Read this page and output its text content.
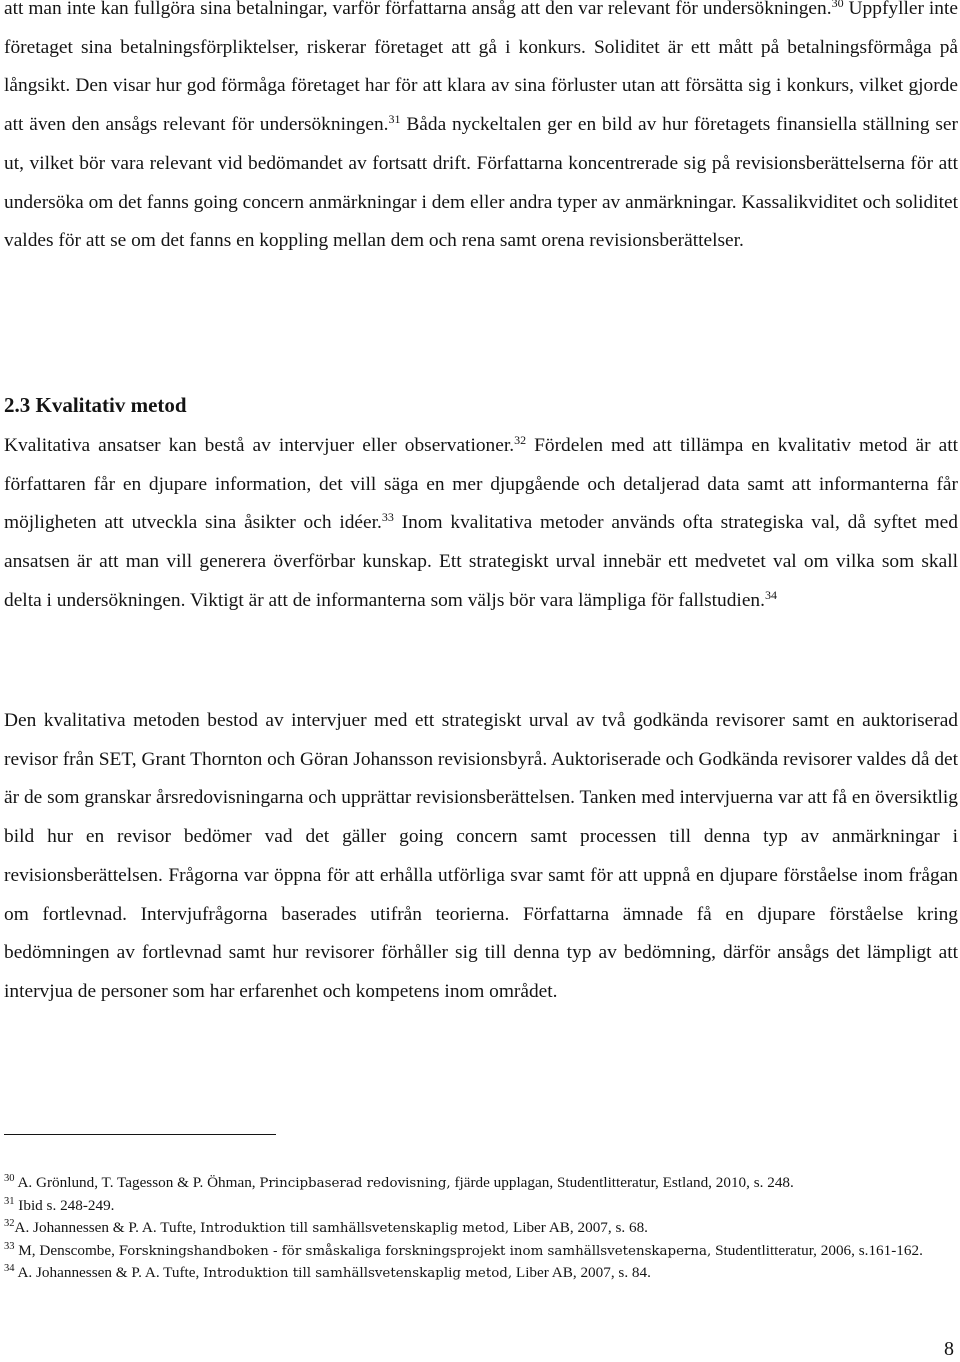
att man inte kan fullgöra sina betalningar, varför författarna ansåg att den var relevant för undersökningen.$^{30}$ Uppfyller inte företaget sina betalningsförpliktelser, riskerar företaget att gå i konkurs. Soliditet är ett mått på betalningsförmåga på långsikt. Den visar hur god förmåga företaget har för att klara av sina förluster utan att försätta sig i konkurs, vilket gjorde att även den ansågs relevant för undersökningen.$^{31}$ Båda nyckeltalen ger en bild av hur företagets finansiella ställning ser ut, vilket bör vara relevant vid bedömandet av fortsatt drift. Författarna koncentrerade sig på revisionsberättelserna för att undersöka om det fanns going concern anmärkningar i dem eller andra typer av anmärkningar. Kassalikviditet och soliditet valdes för att se om det fanns en koppling mellan dem och rena samt orena revisionsberättelser.

2.3 Kvalitativ metod

Kvalitativa ansatser kan bestå av intervjuer eller observationer.$^{32}$ Fördelen med att tillämpa en kvalitativ metod är att författaren får en djupare information, det vill säga en mer djupgående och detaljerad data samt att informanterna får möjligheten att utveckla sina åsikter och idéer.$^{33}$ Inom kvalitativa metoder används ofta strategiska val, då syftet med ansatsen är att man vill generera överförbar kunskap. Ett strategiskt urval innebär ett medvetet val om vilka som skall delta i undersökningen. Viktigt är att de informanterna som väljs bör vara lämpliga för fallstudien.$^{34}$

Den kvalitativa metoden bestod av intervjuer med ett strategiskt urval av två godkända revisorer samt en auktoriserad revisor från SET, Grant Thornton och Göran Johansson revisionsbyrå. Auktoriserade och Godkända revisorer valdes då det är de som granskar årsredovisningarna och upprättar revisionsberättelsen. Tanken med intervjuerna var att få en översiktlig bild hur en revisor bedömer vad det gäller going concern samt processen till denna typ av anmärkningar i revisionsberättelsen. Frågorna var öppna för att erhålla utförliga svar samt för att uppnå en djupare förståelse inom frågan om fortlevnad. Intervjufrågorna baserades utifrån teorierna. Författarna ämnade få en djupare förståelse kring bedömningen av fortlevnad samt hur revisorer förhåller sig till denna typ av bedömning, därför ansågs det lämpligt att intervjua de personer som har erfarenhet och kompetens inom området.

$^{30}$ A. Grönlund, T. Tagesson & P. Öhman, Principbaserad redovisning, fjärde upplagan, Studentlitteratur, Estland, 2010, s. 248.
$^{31}$ Ibid s. 248-249.
$^{32}$A. Johannessen & P. A. Tufte, Introduktion till samhällsvetenskaplig metod, Liber AB, 2007, s. 68.
$^{33}$ M, Denscombe, Forskningshandboken - för småskaliga forskningsprojekt inom samhällsvetenskaperna, Studentlitteratur, 2006, s.161-162.
$^{34}$ A. Johannessen & P. A. Tufte, Introduktion till samhällsvetenskaplig metod, Liber AB, 2007, s. 84.
8
